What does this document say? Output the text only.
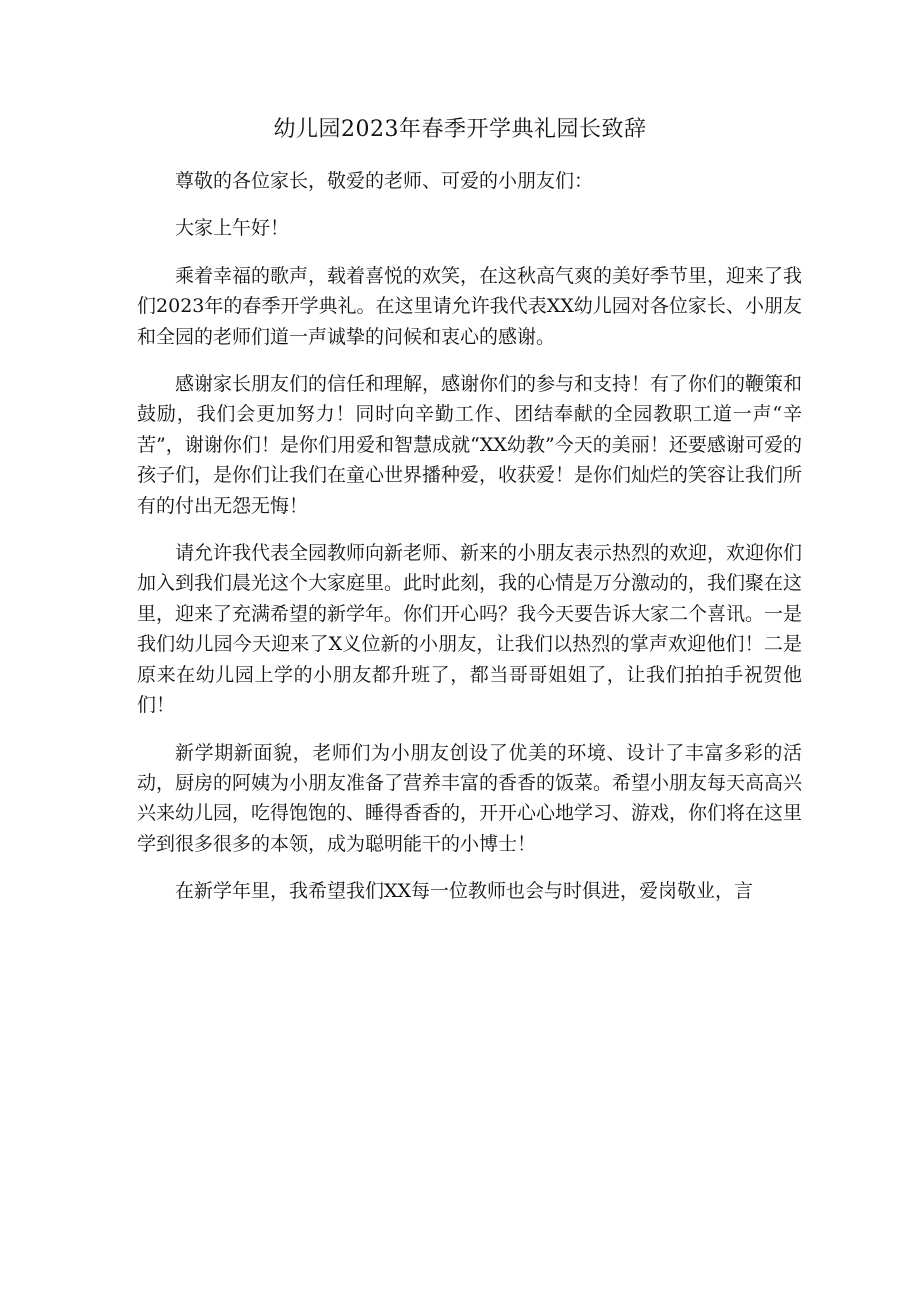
幼儿园2023年春季开学典礼园长致辞

尊敬的各位家长，敬爱的老师、可爱的小朋友们：

大家上午好！

乘着幸福的歌声，载着喜悦的欢笑，在这秋高气爽的美好季节里，迎来了我们2023年的春季开学典礼。在这里请允许我代表XX幼儿园对各位家长、小朋友和全园的老师们道一声诚挚的问候和衷心的感谢。

感谢家长朋友们的信任和理解，感谢你们的参与和支持！有了你们的鞭策和鼓励，我们会更加努力！同时向辛勤工作、团结奉献的全园教职工道一声“辛苦”，谢谢你们！是你们用爱和智慧成就“XX幼教”今天的美丽！还要感谢可爱的孩子们，是你们让我们在童心世界播种爱，收获爱！是你们灿烂的笑容让我们所有的付出无怨无悔！

请允许我代表全园教师向新老师、新来的小朋友表示热烈的欢迎，欢迎你们加入到我们晨光这个大家庭里。此时此刻，我的心情是万分激动的，我们聚在这里，迎来了充满希望的新学年。你们开心吗？我今天要告诉大家二个喜讯。一是我们幼儿园今天迎来了X义位新的小朋友，让我们以热烈的掌声欢迎他们！二是原来在幼儿园上学的小朋友都升班了，都当哥哥姐姐了，让我们拍拍手祝贺他们！

新学期新面貌，老师们为小朋友创设了优美的环境、设计了丰富多彩的活动，厨房的阿姨为小朋友准备了营养丰富的香香的饭菜。希望小朋友每天高高兴兴来幼儿园，吃得饱饱的、睡得香香的，开开心心地学习、游戏，你们将在这里学到很多很多的本领，成为聪明能干的小博士！

在新学年里，我希望我们XX每一位教师也会与时俱进，爱岗敬业，言
